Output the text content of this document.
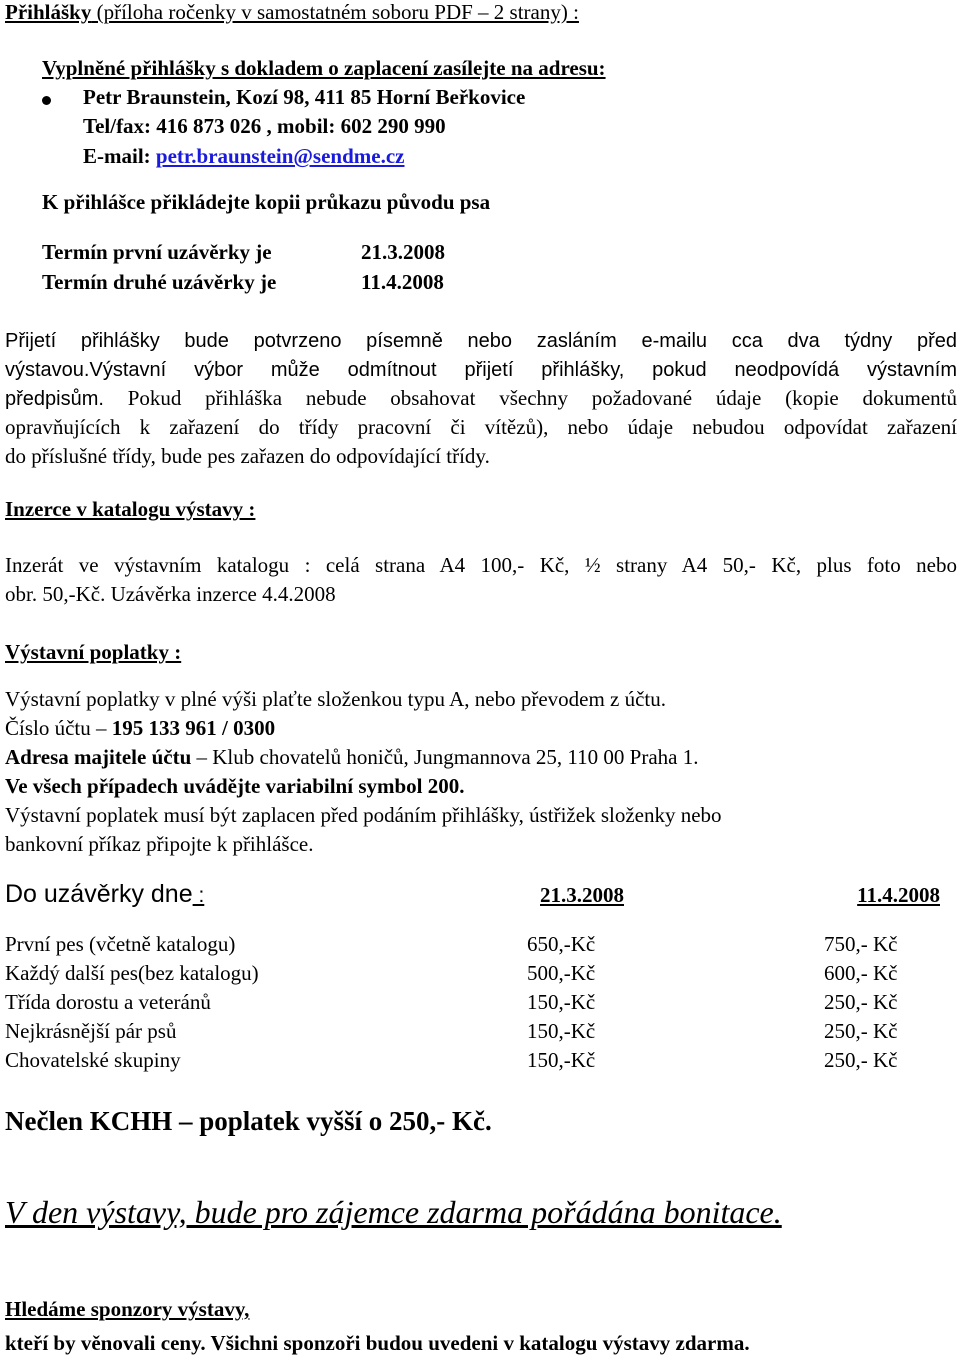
Přihlášky (příloha ročenky v samostatném soboru PDF – 2 strany) :
Vyplněné přihlášky s dokladem o zaplacení zasílejte na adresu:
Petr Braunstein, Kozí 98, 411 85 Horní Beřkovice
Tel/fax: 416 873 026 , mobil: 602 290 990
E-mail: petr.braunstein@sendme.cz
K přihlášce přikládejte kopii průkazu původu psa
Termín první uzávěrky je	21.3.2008
Termín druhé uzávěrky je	11.4.2008
Přijetí přihlášky bude potvrzeno písemně nebo zasláním e-mailu cca dva týdny před
výstavou.Výstavní výbor může odmítnout přijetí přihlášky, pokud neodpovídá výstavním
předpisům. Pokud přihláška nebude obsahovat všechny požadované údaje (kopie dokumentů
opravňujících k zařazení do třídy pracovní či vítězů), nebo údaje nebudou odpovídat zařazení
do příslušné třídy, bude pes zařazen do odpovídající třídy.
Inzerce v katalogu výstavy :
Inzerát ve výstavním katalogu : celá strana A4 100,- Kč, ½ strany A4 50,- Kč, plus foto nebo
obr. 50,-Kč. Uzávěrka inzerce 4.4.2008
Výstavní poplatky :
Výstavní poplatky v plné výši plaťte složenkou typu A, nebo převodem z účtu.
Číslo účtu – 195 133 961 / 0300
Adresa majitele účtu – Klub chovatelů honičů, Jungmannova 25, 110 00 Praha 1.
Ve všech případech uvádějte variabilní symbol 200.
Výstavní poplatek musí být zaplacen před podáním přihlášky, ústřižek složenky nebo
bankovní příkaz připojte k přihlášce.
Do uzávěrky dne :	21.3.2008	11.4.2008
První pes (včetně katalogu)	650,-Kč	750,- Kč
Každý další pes(bez katalogu)	500,-Kč	600,- Kč
Třída dorostu a veteránů	150,-Kč	250,- Kč
Nejkrásnější pár psů	150,-Kč	250,- Kč
Chovatelské skupiny	150,-Kč	250,- Kč
Nečlen KCHH – poplatek vyšší o 250,- Kč.
V den výstavy, bude pro zájemce zdarma pořádána bonitace.
Hledáme sponzory výstavy,
kteří by věnovali ceny. Všichni sponzoři budou uvedeni v katalogu výstavy zdarma.
